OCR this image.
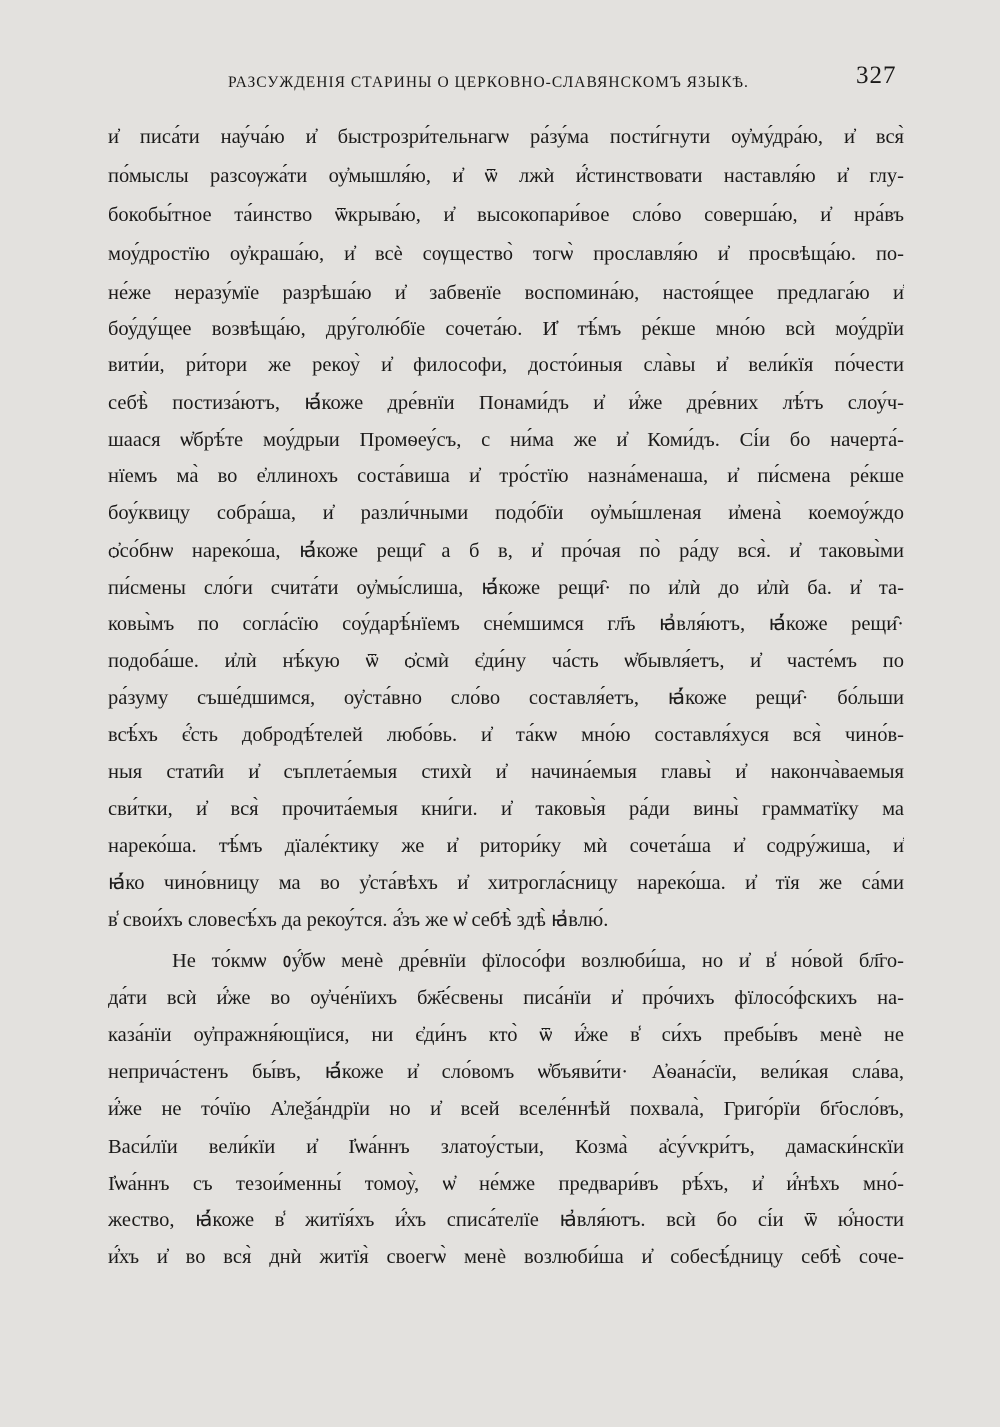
РАЗСУЖДЕНІЯ СТАРИНЫ О ЦЕРКОВНО-СЛАВЯНСКОМЪ ЯЗЫКѢ.	327
и҆ писа́ти нау́ча́ю и҆ быстрозри́тельнагѡ ра́зу́ма пости́гнути оу҆му́дра́ю, и҆ вся̀
по́мыслы разсѹжа́ти оу҆мышля́ю, и҆ ѿ лжѝ и҆́стинствовати наставля́ю и҆ глу-
бокобы́тное та́инство ѿкрыва́ю, и҆ высокопари́вое сло́во соверша́ю, и҆ нра́въ
моу́дростїю оу҆краша́ю, и҆ всѐ сѹщество̀ тогѡ̀ прославля́ю и҆ просвѣща́ю. по-
не́же неразу́мїе разрѣша́ю и҆ забвенїе воспомина́ю, настоя́щее предлага́ю и҆
боу́ду́щее возвѣща́ю, дру́голю́бїе сочета́ю. И҆ тѣ́мъ ре́кше мно́ю всѝ моу́дрїи
вити́и, ри́тори же рекоу̀ и҆ философи, досто́иныя сла̀вы и҆ вели́кїя по́чести
себѣ̀ постиза́ютъ, ꙗ҆́коже дре́внїи Понами́дъ и҆ и҆́же дре́вних лѣ́тъ слоу́ч-
шаася ѡ҆брѣ́те моу́дрыи Промѳеу́съ, с ни́ма же и҆ Коми́дъ. Сі́и бо начерта́-
нїемъ ма̀ во е҆ллинохъ соста́виша и҆ тро́стїю назна́менаша, и҆ пи́смена ре́кше
боу́квицу собра́ша, и҆ разли́чными подо́бїи оу҆мы́шленая и҆мена̀ коемоу́ждо
ѻ҆со́бнѡ нареко́ша, ꙗ҆́коже рещи̑ а б в, и҆ про́чая по̀ ра́ду вся̀. и҆ таковы̀ми
пи́смены сло́ги счита́ти оу҆мы́слиша, ꙗ҆́коже рещи̑· по и҆лѝ до и҆лѝ ба. и҆ та-
ковы̀мъ по согла́сїю соу́дарѣ́нїемъ сне́мшимся гл҃ъ ꙗ҆вля́ютъ, ꙗ҆́коже рещи̑·
подоба́ше. и҆лѝ нѣ́кую ѿ ѻ҆смѝ є҆ди́ну ча́сть ѡ҆бывля́етъ, и҆ часте́мъ по
ра́зуму съше́дшимся, оу҆ста́вно сло́во составля́етъ, ꙗ҆́коже рещи̑· бо́льши
всѣ́хъ є҆́сть добродѣ́телей любо́вь. и҆ та́кѡ мно́ю составля́хуся вся̀ чино́в-
ныя стати̑и и҆ съплета́емыя стихѝ и҆ начина́емыя главы̀ и҆ наконча̀ваемыя
сви́тки, и҆ вся̀ прочита́емыя кни́ги. и҆ таковы̀я ра́ди вины̀ грамматїку ма
нареко́ша. тѣ́мъ дїале́ктику же и҆ ритори́ку мѝ сочета́ша и҆ содру́жиша, и҆
ꙗ҆́ко чино́вницу ма во у҆ста́вѣхъ и҆ хитрогла́сницу нареко́ша. и҆ тїя же са́ми
в̾ свои́хъ словесѣ́хъ да рекоу́тся. а҆́зъ же ѡ҆ себѣ̀ здѣ̀ ꙗ҆влю́.
Не то́кмѡ ᲂу҆́бѡ менѐ дре́внїи фїлосо́фи возлюби́ша, но и҆ в̾ но́вой бл҃го-
да́ти всѝ и҆́же во оу҆че́нїихъ бж҃е́свены писа́нїи и҆ про́чихъ фїлосо́фскихъ на-
каза́нїи оу҆пражня́ющїися, ни є҆ди́нъ кто̀ ѿ и҆́же в̾ си́хъ пребы́въ менѐ не
неприча́стенъ бы́въ, ꙗ҆́коже и҆ сло́вомъ ѡ҆бъяви́ти· А҆ѳана́сїи, вели́кая сла́ва,
и҆́же не то́чїю А҆леѯа́ндрїи но и҆ всей вселе́ннѣй похвала̀, Григо́рїи бг҃осло́въ,
Васи́лїи вели́кїи и҆ І҆ѡа́ннъ златоу́стыи, Козма̀ а҆су́ѵкри́тъ, дамаски́нскїи
І҆ѡа́ннъ съ тезои́менны́ томоу̀, ѡ҆ не́мже предвари́въ рѣ́хъ, и҆ и҆́нѣхъ мно́-
жество, ꙗ҆́коже в̾ житїя́хъ и҆́хъ списа́телїе ꙗ҆вля́ютъ. всѝ бо сі́и ѿ ю҆́ности
и҆́хъ и҆ во вся̀ днѝ житїя̀ своегѡ̀ менѐ возлюби́ша и҆ собесѣ́дницу себѣ̀ соче-
